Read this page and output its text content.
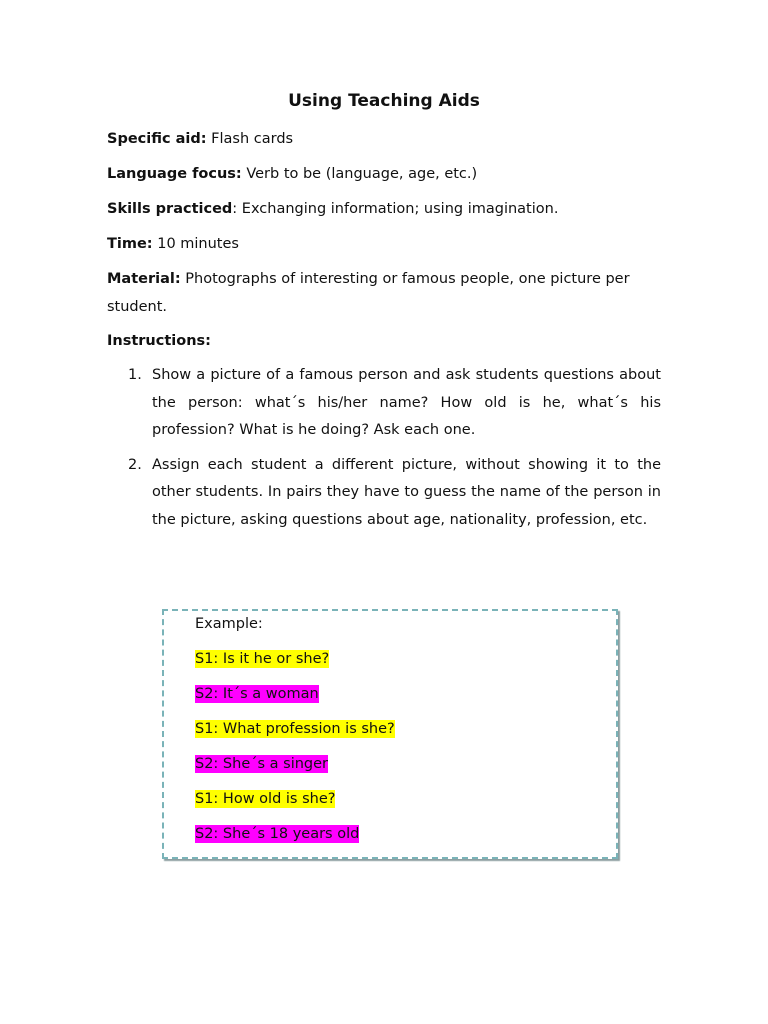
Using Teaching Aids
Specific aid: Flash cards
Language focus: Verb to be (language, age, etc.)
Skills practiced: Exchanging information; using imagination.
Time: 10 minutes
Material: Photographs of interesting or famous people, one picture per student.
Instructions:
1. Show a picture of a famous person and ask students questions about the person: what´s his/her name? How old is he, what´s his profession? What is he doing? Ask each one.
2. Assign each student a different picture, without showing it to the other students. In pairs they have to guess the name of the person in the picture, asking questions about age, nationality, profession, etc.
Example:
S1: Is it he or she?
S2: It´s a woman
S1: What profession is she?
S2: She´s a singer
S1: How old is she?
S2: She´s 18 years old
